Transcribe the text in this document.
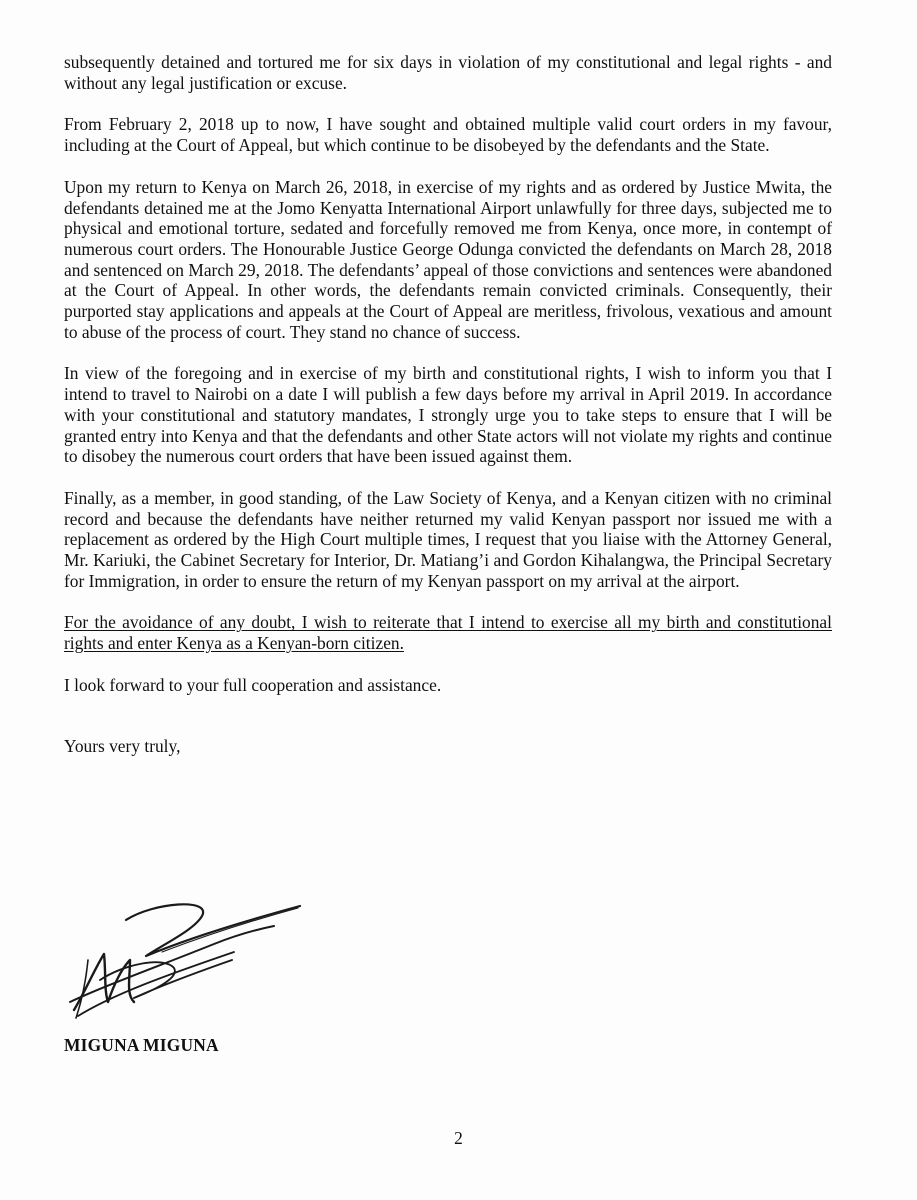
subsequently detained and tortured me for six days in violation of my constitutional and legal rights - and without any legal justification or excuse.

From February 2, 2018 up to now, I have sought and obtained multiple valid court orders in my favour, including at the Court of Appeal, but which continue to be disobeyed by the defendants and the State.

Upon my return to Kenya on March 26, 2018, in exercise of my rights and as ordered by Justice Mwita, the defendants detained me at the Jomo Kenyatta International Airport unlawfully for three days, subjected me to physical and emotional torture, sedated and forcefully removed me from Kenya, once more, in contempt of numerous court orders. The Honourable Justice George Odunga convicted the defendants on March 28, 2018 and sentenced on March 29, 2018. The defendants’ appeal of those convictions and sentences were abandoned at the Court of Appeal. In other words, the defendants remain convicted criminals. Consequently, their purported stay applications and appeals at the Court of Appeal are meritless, frivolous, vexatious and amount to abuse of the process of court. They stand no chance of success.

In view of the foregoing and in exercise of my birth and constitutional rights, I wish to inform you that I intend to travel to Nairobi on a date I will publish a few days before my arrival in April 2019. In accordance with your constitutional and statutory mandates, I strongly urge you to take steps to ensure that I will be granted entry into Kenya and that the defendants and other State actors will not violate my rights and continue to disobey the numerous court orders that have been issued against them.

Finally, as a member, in good standing, of the Law Society of Kenya, and a Kenyan citizen with no criminal record and because the defendants have neither returned my valid Kenyan passport nor issued me with a replacement as ordered by the High Court multiple times, I request that you liaise with the Attorney General, Mr. Kariuki, the Cabinet Secretary for Interior, Dr. Matiang’i and Gordon Kihalangwa, the Principal Secretary for Immigration, in order to ensure the return of my Kenyan passport on my arrival at the airport.

For the avoidance of any doubt, I wish to reiterate that I intend to exercise all my birth and constitutional rights and enter Kenya as a Kenyan-born citizen.

I look forward to your full cooperation and assistance.

Yours very truly,

MIGUNA MIGUNA
2
